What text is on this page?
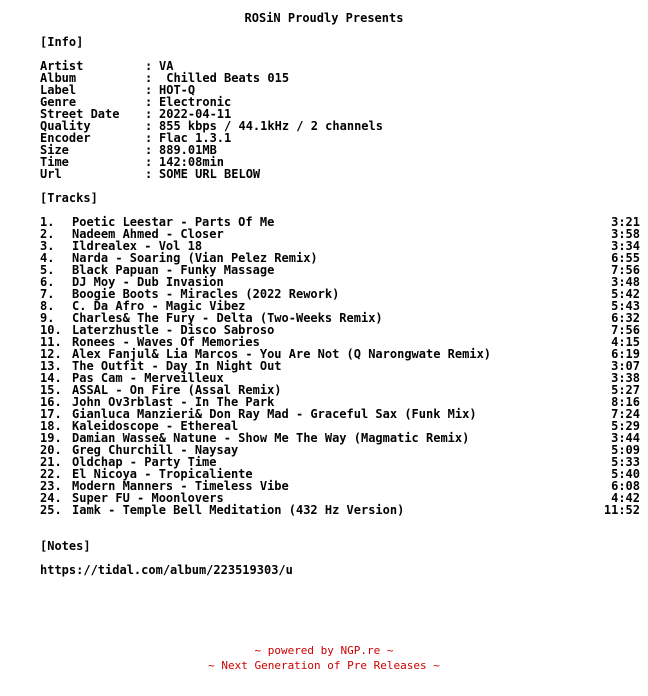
ROSiN Proudly Presents
[Info]
Artist	: VA
Album	: Chilled Beats 015
Label	: HOT-Q
Genre	: Electronic
Street Date : 2022-04-11
Quality	: 855 kbps / 44.1kHz / 2 channels
Encoder	: Flac 1.3.1
Size	: 889.01MB
Time	: 142:08min
Url	: SOME URL BELOW
[Tracks]
1. Poetic Leestar - Parts Of Me	3:21
2. Nadeem Ahmed - Closer	3:58
3. Ildrealex - Vol 18	3:34
4. Narda - Soaring (Vian Pelez Remix)	6:55
5. Black Papuan - Funky Massage	7:56
6. DJ Moy - Dub Invasion	3:48
7. Boogie Boots - Miracles (2022 Rework)	5:42
8. C. Da Afro - Magic Vibez	5:43
9. Charles& The Fury - Delta (Two-Weeks Remix)	6:32
10. Laterzhustle - Disco Sabroso	7:56
11. Ronees - Waves Of Memories	4:15
12. Alex Fanjul& Lia Marcos - You Are Not (Q Narongwate Remix)	6:19
13. The Outfit - Day In Night Out	3:07
14. Pas Cam - Merveilleux	3:38
15. ASSAL - On Fire (Assal Remix)	5:27
16. John Ov3rblast - In The Park	8:16
17. Gianluca Manzieri& Don Ray Mad - Graceful Sax (Funk Mix)	7:24
18. Kaleidoscope - Ethereal	5:29
19. Damian Wasse& Natune - Show Me The Way (Magmatic Remix)	3:44
20. Greg Churchill - Naysay	5:09
21. Oldchap - Party Time	5:33
22. El Nicoya - Tropicaliente	5:40
23. Modern Manners - Timeless Vibe	6:08
24. Super FU - Moonlovers	4:42
25. Iamk - Temple Bell Meditation (432 Hz Version)	11:52
[Notes]
https://tidal.com/album/223519303/u
~ powered by NGP.re ~
~ Next Generation of Pre Releases ~
